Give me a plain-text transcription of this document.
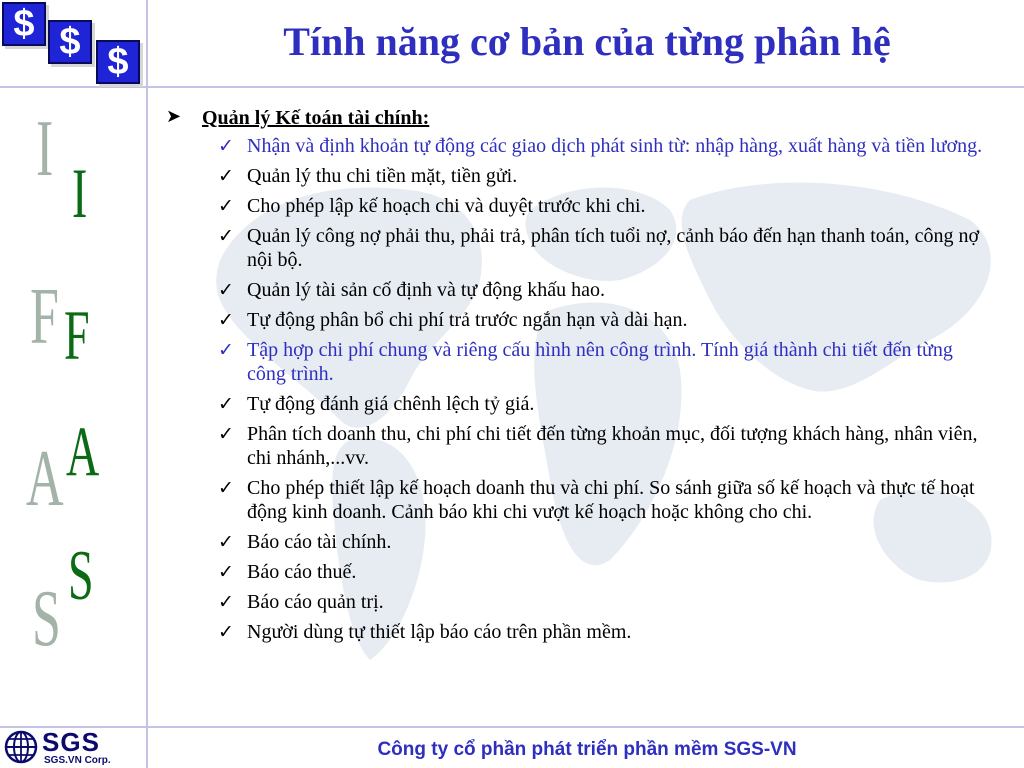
$ $ $	Tính năng cơ bản của từng phân hệ
I I
F F
A A
S
S
➤ Quản lý Kế toán tài chính:
✓ Nhận và định khoản tự động các giao dịch phát sinh từ: nhập hàng, xuất hàng và tiền lương.
✓ Quản lý thu chi tiền mặt, tiền gửi.
✓ Cho phép lập kế hoạch chi và duyệt trước khi chi.
✓ Quản lý công nợ phải thu, phải trả, phân tích tuổi nợ, cảnh báo đến hạn thanh toán, công nợ nội bộ.
✓ Quản lý tài sản cố định và tự động khấu hao.
✓ Tự động phân bổ chi phí trả trước ngắn hạn và dài hạn.
✓ Tập hợp chi phí chung và riêng cấu hình nên công trình. Tính giá thành chi tiết đến từng công trình.
✓ Tự động đánh giá chênh lệch tỷ giá.
✓ Phân tích doanh thu, chi phí chi tiết đến từng khoản mục, đối tượng khách hàng, nhân viên, chi nhánh,...vv.
✓ Cho phép thiết lập kế hoạch doanh thu và chi phí. So sánh giữa số kế hoạch và thực tế hoạt động kinh doanh. Cảnh báo khi chi vượt kế hoạch hoặc không cho chi.
✓ Báo cáo tài chính.
✓ Báo cáo thuế.
✓ Báo cáo quản trị.
✓ Người dùng tự thiết lập báo cáo trên phần mềm.
SGS
SGS.VN Corp.
Công ty cổ phần phát triển phần mềm SGS-VN
